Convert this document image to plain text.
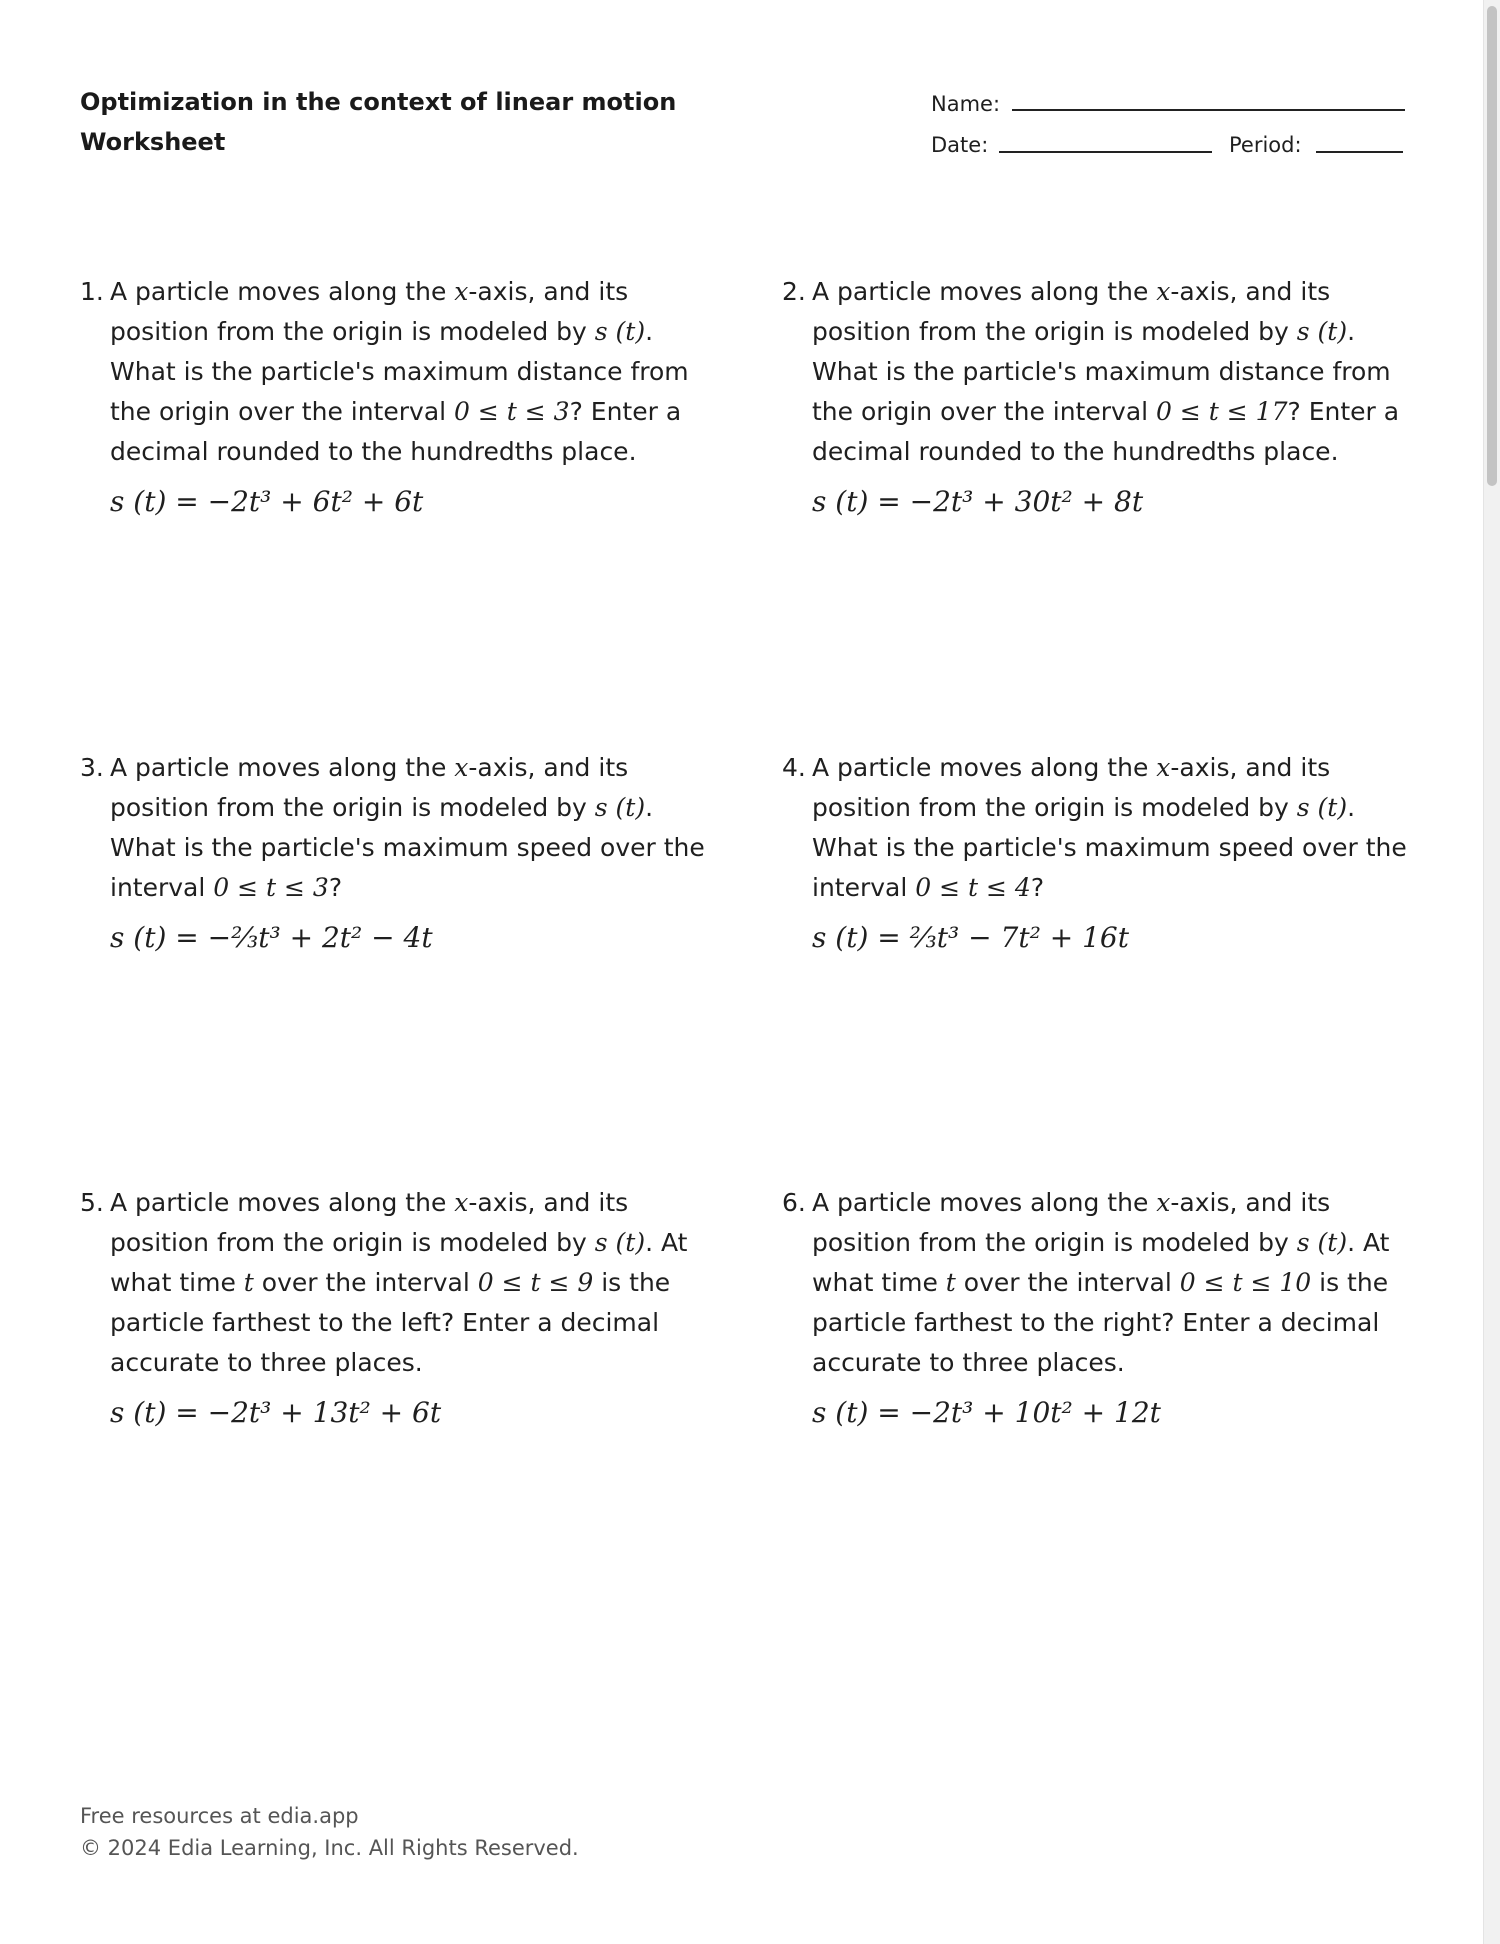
Optimization in the context of linear motion
Worksheet
Name:
Date:	Period:
1. A particle moves along the x-axis, and its
position from the origin is modeled by s (t).
What is the particle's maximum distance from
the origin over the interval 0 ≤ t ≤ 3? Enter a
decimal rounded to the hundredths place.
s (t) = −2t³ + 6t² + 6t
2. A particle moves along the x-axis, and its
position from the origin is modeled by s (t).
What is the particle's maximum distance from
the origin over the interval 0 ≤ t ≤ 17? Enter a
decimal rounded to the hundredths place.
s (t) = −2t³ + 30t² + 8t
3. A particle moves along the x-axis, and its
position from the origin is modeled by s (t).
What is the particle's maximum speed over the
interval 0 ≤ t ≤ 3?
s (t) = −⅔t³ + 2t² − 4t
4. A particle moves along the x-axis, and its
position from the origin is modeled by s (t).
What is the particle's maximum speed over the
interval 0 ≤ t ≤ 4?
s (t) = ⅔t³ − 7t² + 16t
5. A particle moves along the x-axis, and its
position from the origin is modeled by s (t). At
what time t over the interval 0 ≤ t ≤ 9 is the
particle farthest to the left? Enter a decimal
accurate to three places.
s (t) = −2t³ + 13t² + 6t
6. A particle moves along the x-axis, and its
position from the origin is modeled by s (t). At
what time t over the interval 0 ≤ t ≤ 10 is the
particle farthest to the right? Enter a decimal
accurate to three places.
s (t) = −2t³ + 10t² + 12t
Free resources at edia.app
© 2024 Edia Learning, Inc. All Rights Reserved.
